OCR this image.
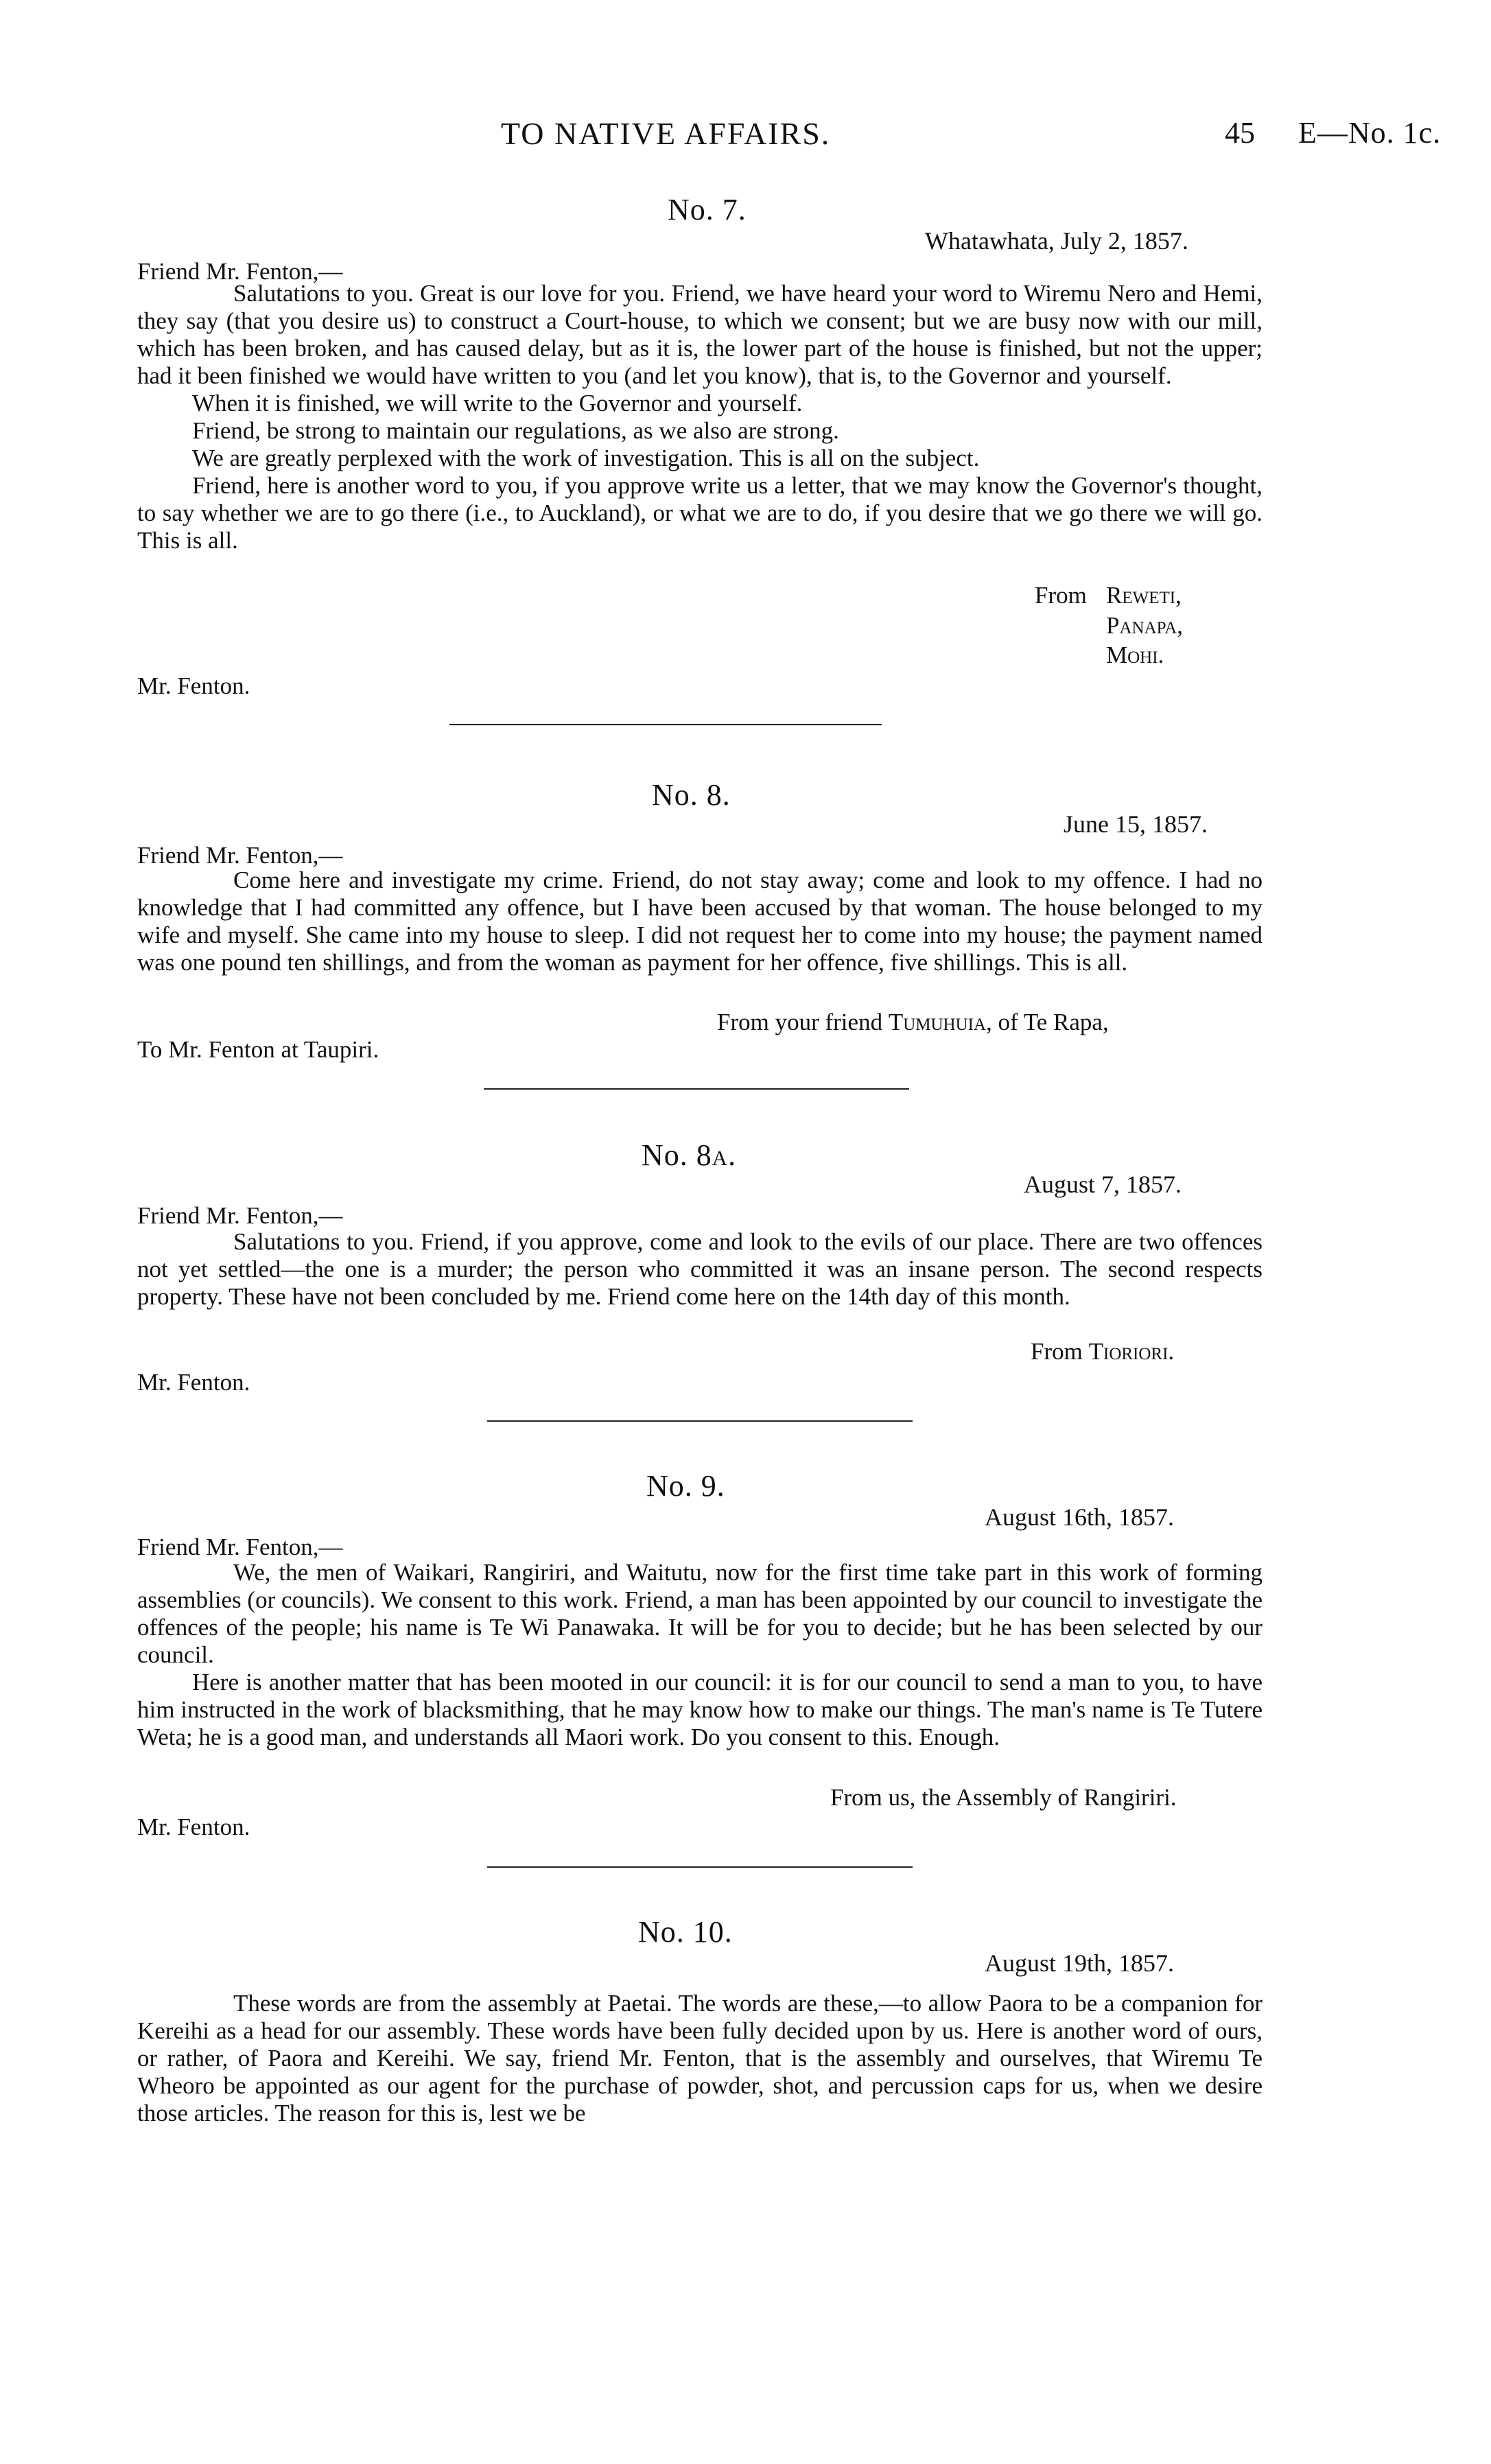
TO NATIVE AFFAIRS.	45 E—No. 1c.
No. 7.
Whatawhata, July 2, 1857.
Friend Mr. Fenton,—

Salutations to you. Great is our love for you. Friend, we have heard your word to Wiremu Nero and Hemi, they say (that you desire us) to construct a Court-house, to which we consent; but we are busy now with our mill, which has been broken, and has caused delay, but as it is, the lower part of the house is finished, but not the upper; had it been finished we would have written to you (and let you know), that is, to the Governor and yourself.

When it is finished, we will write to the Governor and yourself.

Friend, be strong to maintain our regulations, as we also are strong.

We are greatly perplexed with the work of investigation. This is all on the subject.

Friend, here is another word to you, if you approve write us a letter, that we may know the Governor's thought, to say whether we are to go there (i.e., to Auckland), or what we are to do, if you desire that we go there we will go. This is all.

From Reweti,
Panapa,
Mohi.
Mr. Fenton.
No. 8.
June 15, 1857.
Friend Mr. Fenton,—

Come here and investigate my crime. Friend, do not stay away; come and look to my offence. I had no knowledge that I had committed any offence, but I have been accused by that woman. The house belonged to my wife and myself. She came into my house to sleep. I did not request her to come into my house; the payment named was one pound ten shillings, and from the woman as payment for her offence, five shillings. This is all.

From your friend Tumuhuia, of Te Rapa,
To Mr. Fenton at Taupiri.
No. 8a.
August 7, 1857.
Friend Mr. Fenton,—

Salutations to you. Friend, if you approve, come and look to the evils of our place. There are two offences not yet settled—the one is a murder; the person who committed it was an insane person. The second respects property. These have not been concluded by me. Friend come here on the 14th day of this month.

From Tioriori.
Mr. Fenton.
No. 9.
August 16th, 1857.
Friend Mr. Fenton,—

We, the men of Waikari, Rangiriri, and Waitutu, now for the first time take part in this work of forming assemblies (or councils). We consent to this work. Friend, a man has been appointed by our council to investigate the offences of the people; his name is Te Wi Panawaka. It will be for you to decide; but he has been selected by our council.

Here is another matter that has been mooted in our council: it is for our council to send a man to you, to have him instructed in the work of blacksmithing, that he may know how to make our things. The man's name is Te Tutere Weta; he is a good man, and understands all Maori work. Do you consent to this. Enough.

From us, the Assembly of Rangiriri.
Mr. Fenton.
No. 10.
August 19th, 1857.

These words are from the assembly at Paetai. The words are these,—to allow Paora to be a companion for Kereihi as a head for our assembly. These words have been fully decided upon by us. Here is another word of ours, or rather, of Paora and Kereihi. We say, friend Mr. Fenton, that is the assembly and ourselves, that Wiremu Te Wheoro be appointed as our agent for the purchase of powder, shot, and percussion caps for us, when we desire those articles. The reason for this is, lest we be
